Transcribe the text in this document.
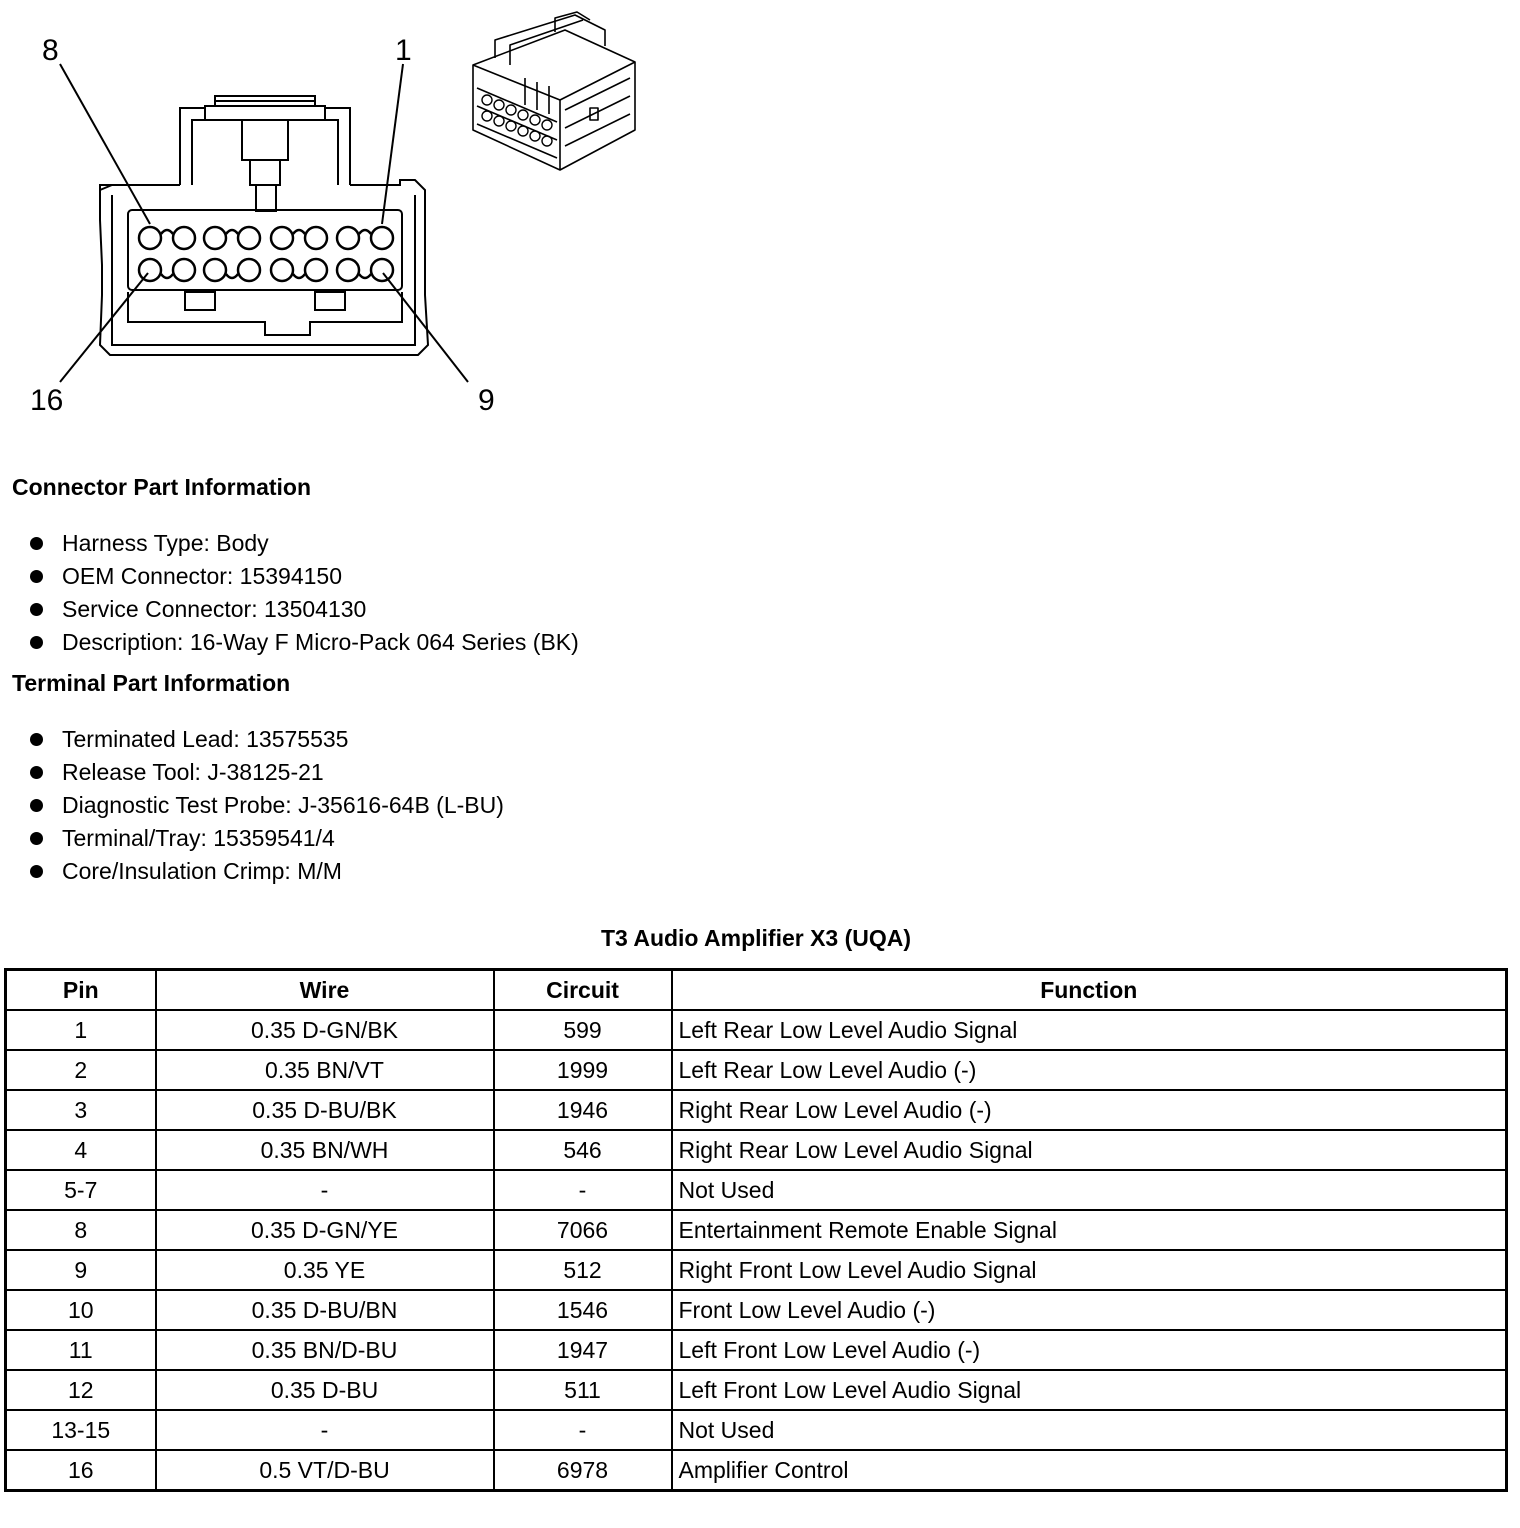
8	1
16	9
Connector Part Information
Harness Type: Body
OEM Connector: 15394150
Service Connector: 13504130
Description: 16-Way F Micro-Pack 064 Series (BK)
Terminal Part Information
Terminated Lead: 13575535
Release Tool: J-38125-21
Diagnostic Test Probe: J-35616-64B (L-BU)
Terminal/Tray: 15359541/4
Core/Insulation Crimp: M/M
T3 Audio Amplifier X3 (UQA)
Pin	Wire	Circuit	Function
1	0.35 D-GN/BK	599	Left Rear Low Level Audio Signal
2	0.35 BN/VT	1999	Left Rear Low Level Audio (-)
3	0.35 D-BU/BK	1946	Right Rear Low Level Audio (-)
4	0.35 BN/WH	546	Right Rear Low Level Audio Signal
5-7	-	-	Not Used
8	0.35 D-GN/YE	7066	Entertainment Remote Enable Signal
9	0.35 YE	512	Right Front Low Level Audio Signal
10	0.35 D-BU/BN	1546	Front Low Level Audio (-)
11	0.35 BN/D-BU	1947	Left Front Low Level Audio (-)
12	0.35 D-BU	511	Left Front Low Level Audio Signal
13-15	-	-	Not Used
16	0.5 VT/D-BU	6978	Amplifier Control
